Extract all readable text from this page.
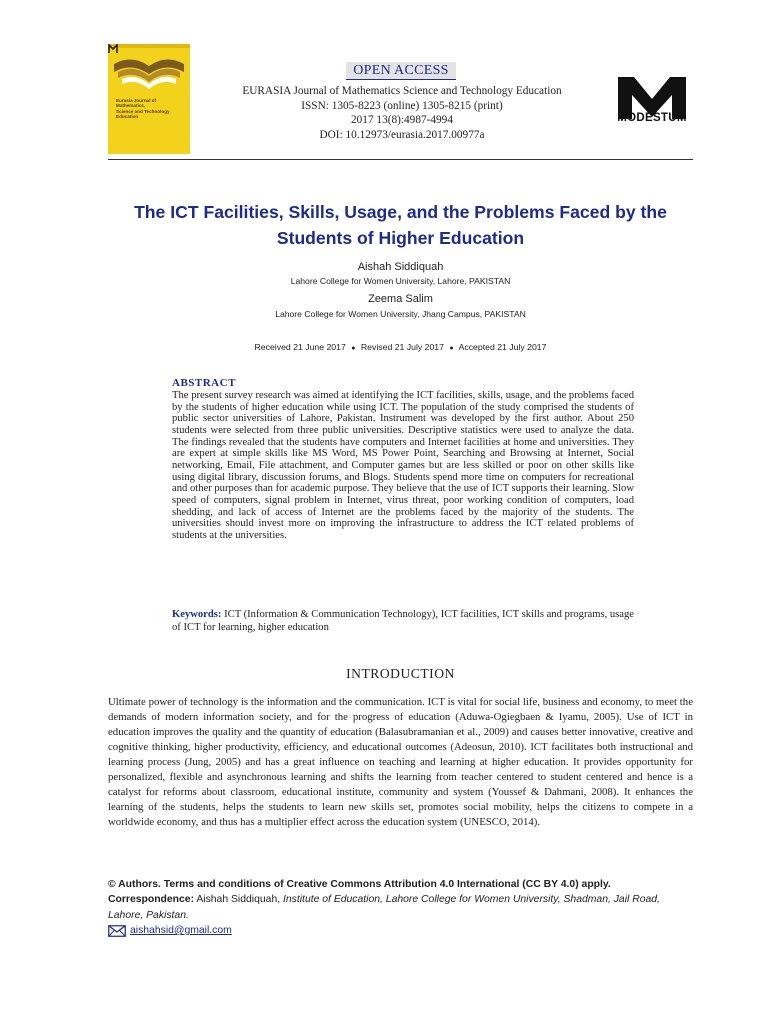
Eurasia Journal of Mathematics,
Science and Technology Education
OPEN ACCESS
EURASIA Journal of Mathematics Science and Technology Education
ISSN: 1305-8223 (online) 1305-8215 (print)
2017 13(8):4987-4994
DOI: 10.12973/eurasia.2017.00977a
MODESTUM
The ICT Facilities, Skills, Usage, and the Problems Faced by the
Students of Higher Education
Aishah Siddiquah
Lahore College for Women University, Lahore, PAKISTAN
Zeema Salim
Lahore College for Women University, Jhang Campus, PAKISTAN
Received 21 June 2017 ● Revised 21 July 2017 ● Accepted 21 July 2017
ABSTRACT
The present survey research was aimed at identifying the ICT facilities, skills, usage, and the problems faced by the students of higher education while using ICT. The population of the study comprised the students of public sector universities of Lahore, Pakistan. Instrument was developed by the first author. About 250 students were selected from three public universities. Descriptive statistics were used to analyze the data. The findings revealed that the students have computers and Internet facilities at home and universities. They are expert at simple skills like MS Word, MS Power Point, Searching and Browsing at Internet, Social networking, Email, File attachment, and Computer games but are less skilled or poor on other skills like using digital library, discussion forums, and Blogs. Students spend more time on computers for recreational and other purposes than for academic purpose. They believe that the use of ICT supports their learning. Slow speed of computers, signal problem in Internet, virus threat, poor working condition of computers, load shedding, and lack of access of Internet are the problems faced by the majority of the students. The universities should invest more on improving the infrastructure to address the ICT related problems of students at the universities.
Keywords: ICT (Information & Communication Technology), ICT facilities, ICT skills and programs, usage of ICT for learning, higher education
INTRODUCTION
Ultimate power of technology is the information and the communication. ICT is vital for social life, business and economy, to meet the demands of modern information society, and for the progress of education (Aduwa-Ogiegbaen & Iyamu, 2005). Use of ICT in education improves the quality and the quantity of education (Balasubramanian et al., 2009) and causes better innovative, creative and cognitive thinking, higher productivity, efficiency, and educational outcomes (Adeosun, 2010). ICT facilitates both instructional and learning process (Jung, 2005) and has a great influence on teaching and learning at higher education. It provides opportunity for personalized, flexible and asynchronous learning and shifts the learning from teacher centered to student centered and hence is a catalyst for reforms about classroom, educational institute, community and system (Youssef & Dahmani, 2008). It enhances the learning of the students, helps the students to learn new skills set, promotes social mobility, helps the citizens to compete in a worldwide economy, and thus has a multiplier effect across the education system (UNESCO, 2014).
© Authors. Terms and conditions of Creative Commons Attribution 4.0 International (CC BY 4.0) apply.
Correspondence: Aishah Siddiquah, Institute of Education, Lahore College for Women University, Shadman, Jail Road, Lahore, Pakistan.
aishahsid@gmail.com
